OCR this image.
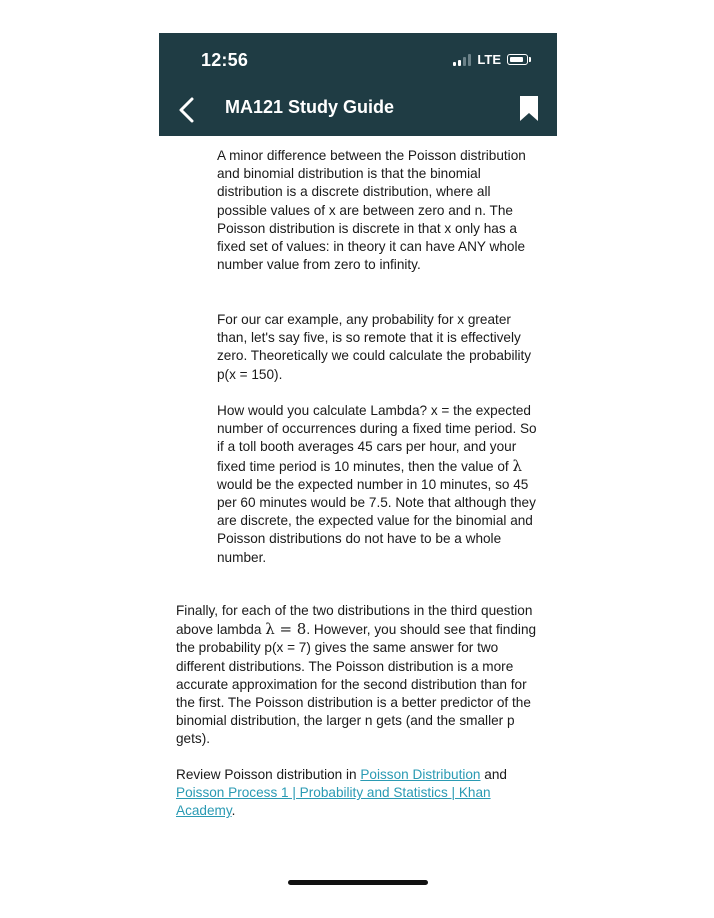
12:56	LTE
MA121 Study Guide

A minor difference between the Poisson distribution and binomial distribution is that the binomial distribution is a discrete distribution, where all possible values of x are between zero and n. The Poisson distribution is discrete in that x only has a fixed set of values: in theory it can have ANY whole number value from zero to infinity.

For our car example, any probability for x greater than, let's say five, is so remote that it is effectively zero. Theoretically we could calculate the probability p(x = 150).

How would you calculate Lambda? x = the expected number of occurrences during a fixed time period. So if a toll booth averages 45 cars per hour, and your fixed time period is 10 minutes, then the value of λ would be the expected number in 10 minutes, so 45 per 60 minutes would be 7.5. Note that although they are discrete, the expected value for the binomial and Poisson distributions do not have to be a whole number.

Finally, for each of the two distributions in the third question above lambda λ = 8. However, you should see that finding the probability p(x = 7) gives the same answer for two different distributions. The Poisson distribution is a more accurate approximation for the second distribution than for the first. The Poisson distribution is a better predictor of the binomial distribution, the larger n gets (and the smaller p gets).

Review Poisson distribution in Poisson Distribution and Poisson Process 1 | Probability and Statistics | Khan Academy.
